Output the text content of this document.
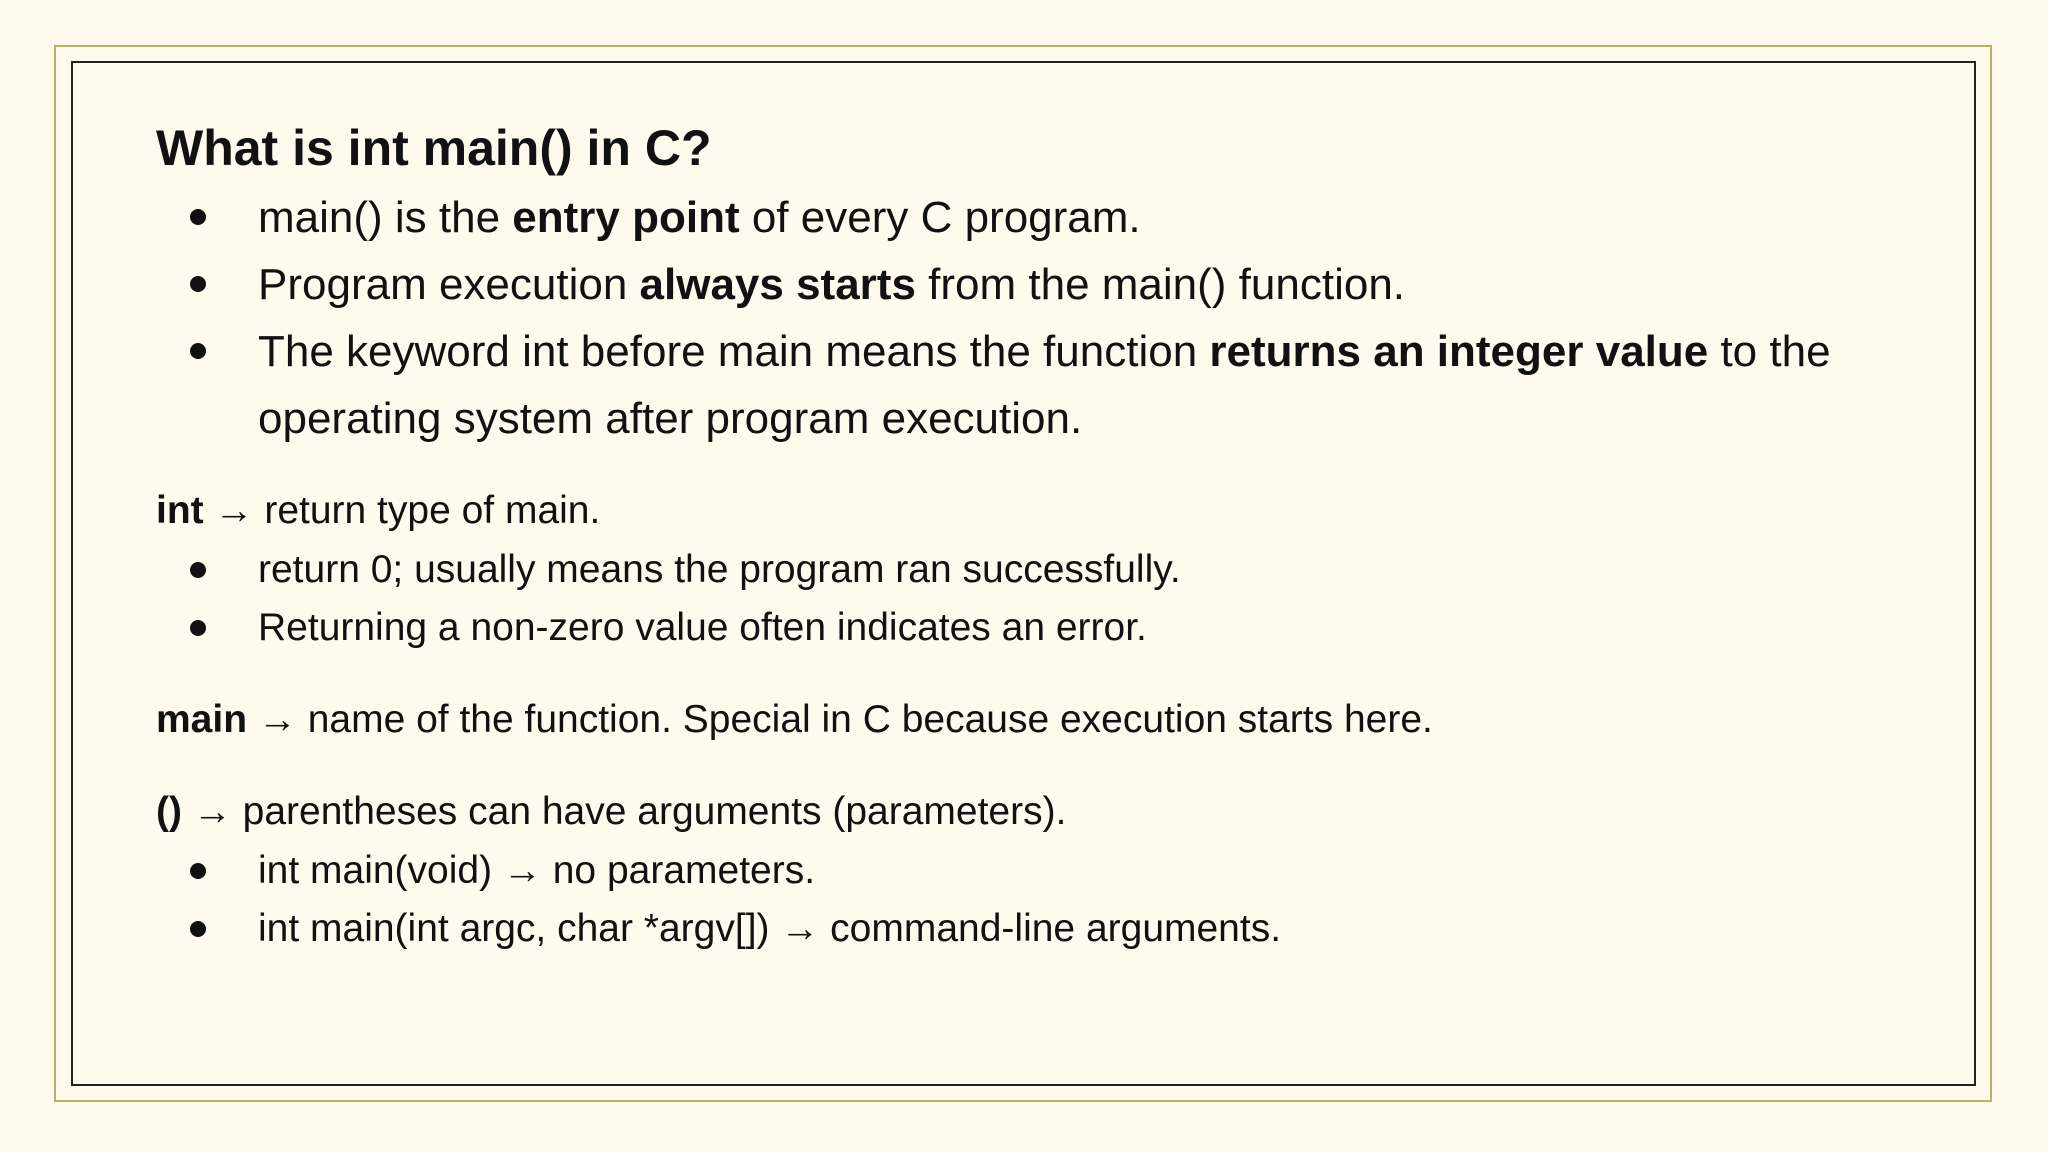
What is int main() in C?
main() is the entry point of every C program.
Program execution always starts from the main() function.
The keyword int before main means the function returns an integer value to the operating system after program execution.

int → return type of main.

return 0; usually means the program ran successfully.
Returning a non-zero value often indicates an error.

main → name of the function. Special in C because execution starts here.

() → parentheses can have arguments (parameters).

int main(void) → no parameters.
int main(int argc, char *argv[]) → command-line arguments.
